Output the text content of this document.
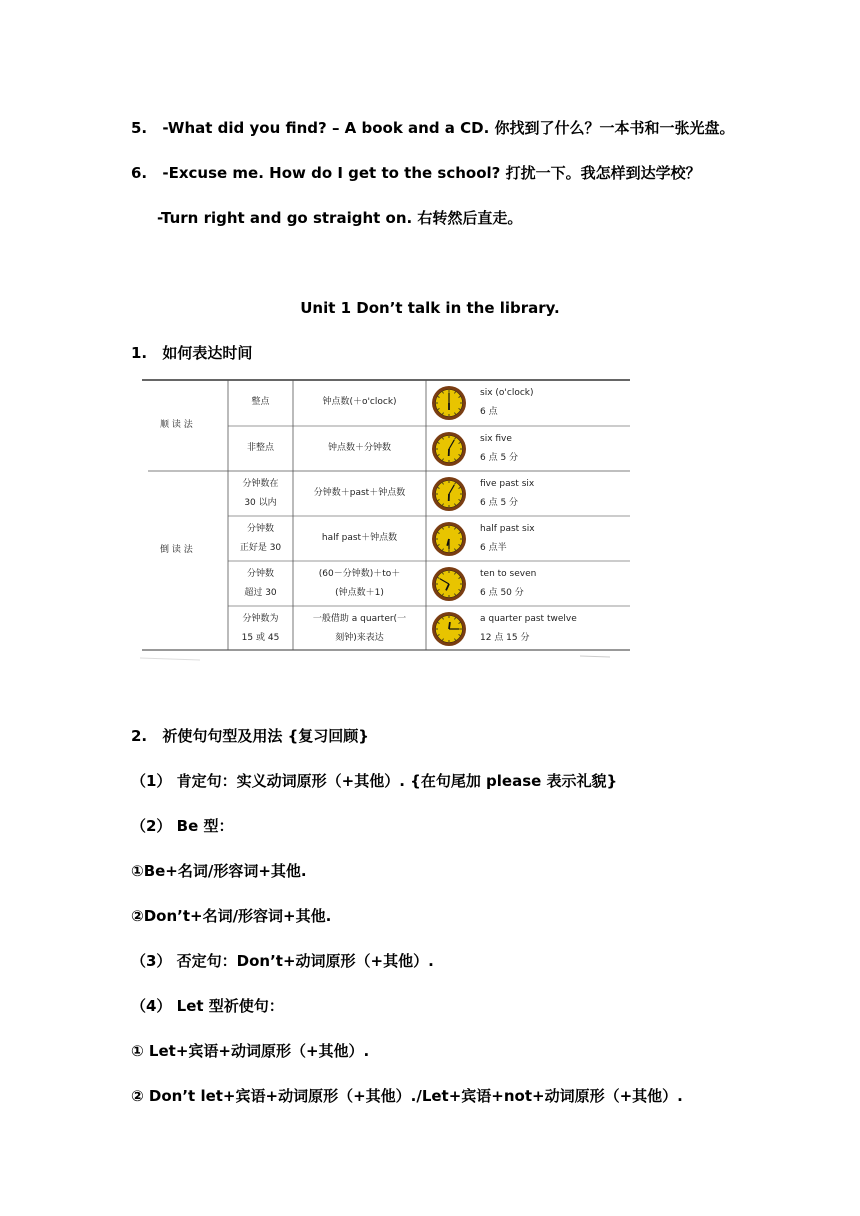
5. -What did you find? – A book and a CD. 你找到了什么？一本书和一张光盘。
6. -Excuse me. How do I get to the school? 打扰一下。我怎样到达学校？
-Turn right and go straight on. 右转然后直走。
Unit 1 Don’t talk in the library.
1. 如何表达时间
顺 读 法
倒 读 法
整点	钟点数(＋o'clock)
six (o'clock)
6 点
非整点	钟点数＋分钟数
six five
6 点 5 分
分钟数在
30 以内
分钟数＋past＋钟点数
five past six
6 点 5 分
分钟数
正好是 30
half past＋钟点数
half past six
6 点半
分钟数
超过 30
(60－分钟数)＋to＋
(钟点数＋1)
ten to seven
6 点 50 分
分钟数为
15 或 45
一般借助 a quarter(一
刻钟)来表达
a quarter past twelve
12 点 15 分
2. 祈使句句型及用法 {复习回顾}
（1） 肯定句：实义动词原形（+其他）. {在句尾加 please 表示礼貌}
（2） Be 型：
①Be+名词/形容词+其他.
②Don’t+名词/形容词+其他.
（3） 否定句：Don’t+动词原形（+其他）.
（4） Let 型祈使句：
① Let+宾语+动词原形（+其他）.
② Don’t let+宾语+动词原形（+其他）./Let+宾语+not+动词原形（+其他）.
